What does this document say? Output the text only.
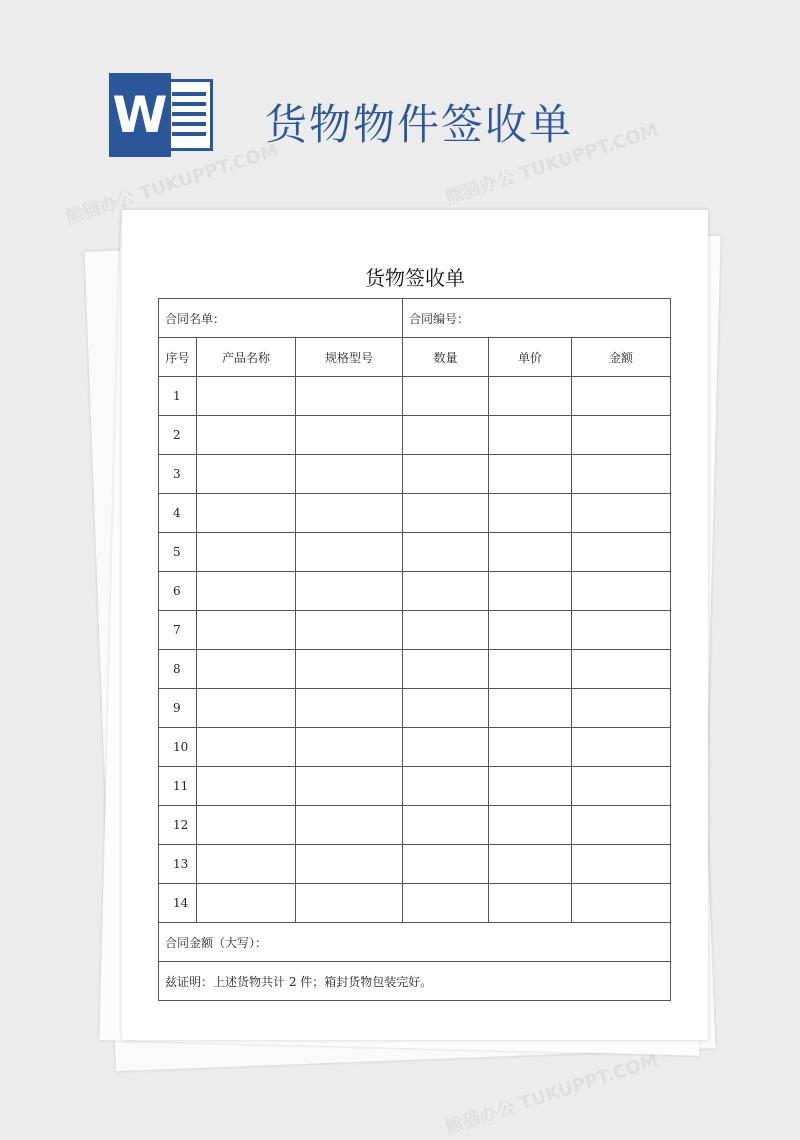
W 货物物件签收单
熊猫办公 TUKUPPT.COM	熊猫办公 TUKUPPT.COM
熊猫办公 TUKUPPT.COM
货物签收单
合同名单：			合同编号：		
序号	产品名称	规格型号	数量	单价	金额
1					
2					
3					
4					
5					
6					
7					
8					
9					
10					
11					
12					
13					
14					
合同金额（大写）：					
兹证明：上述货物共计 2 件；箱封货物包装完好。					
